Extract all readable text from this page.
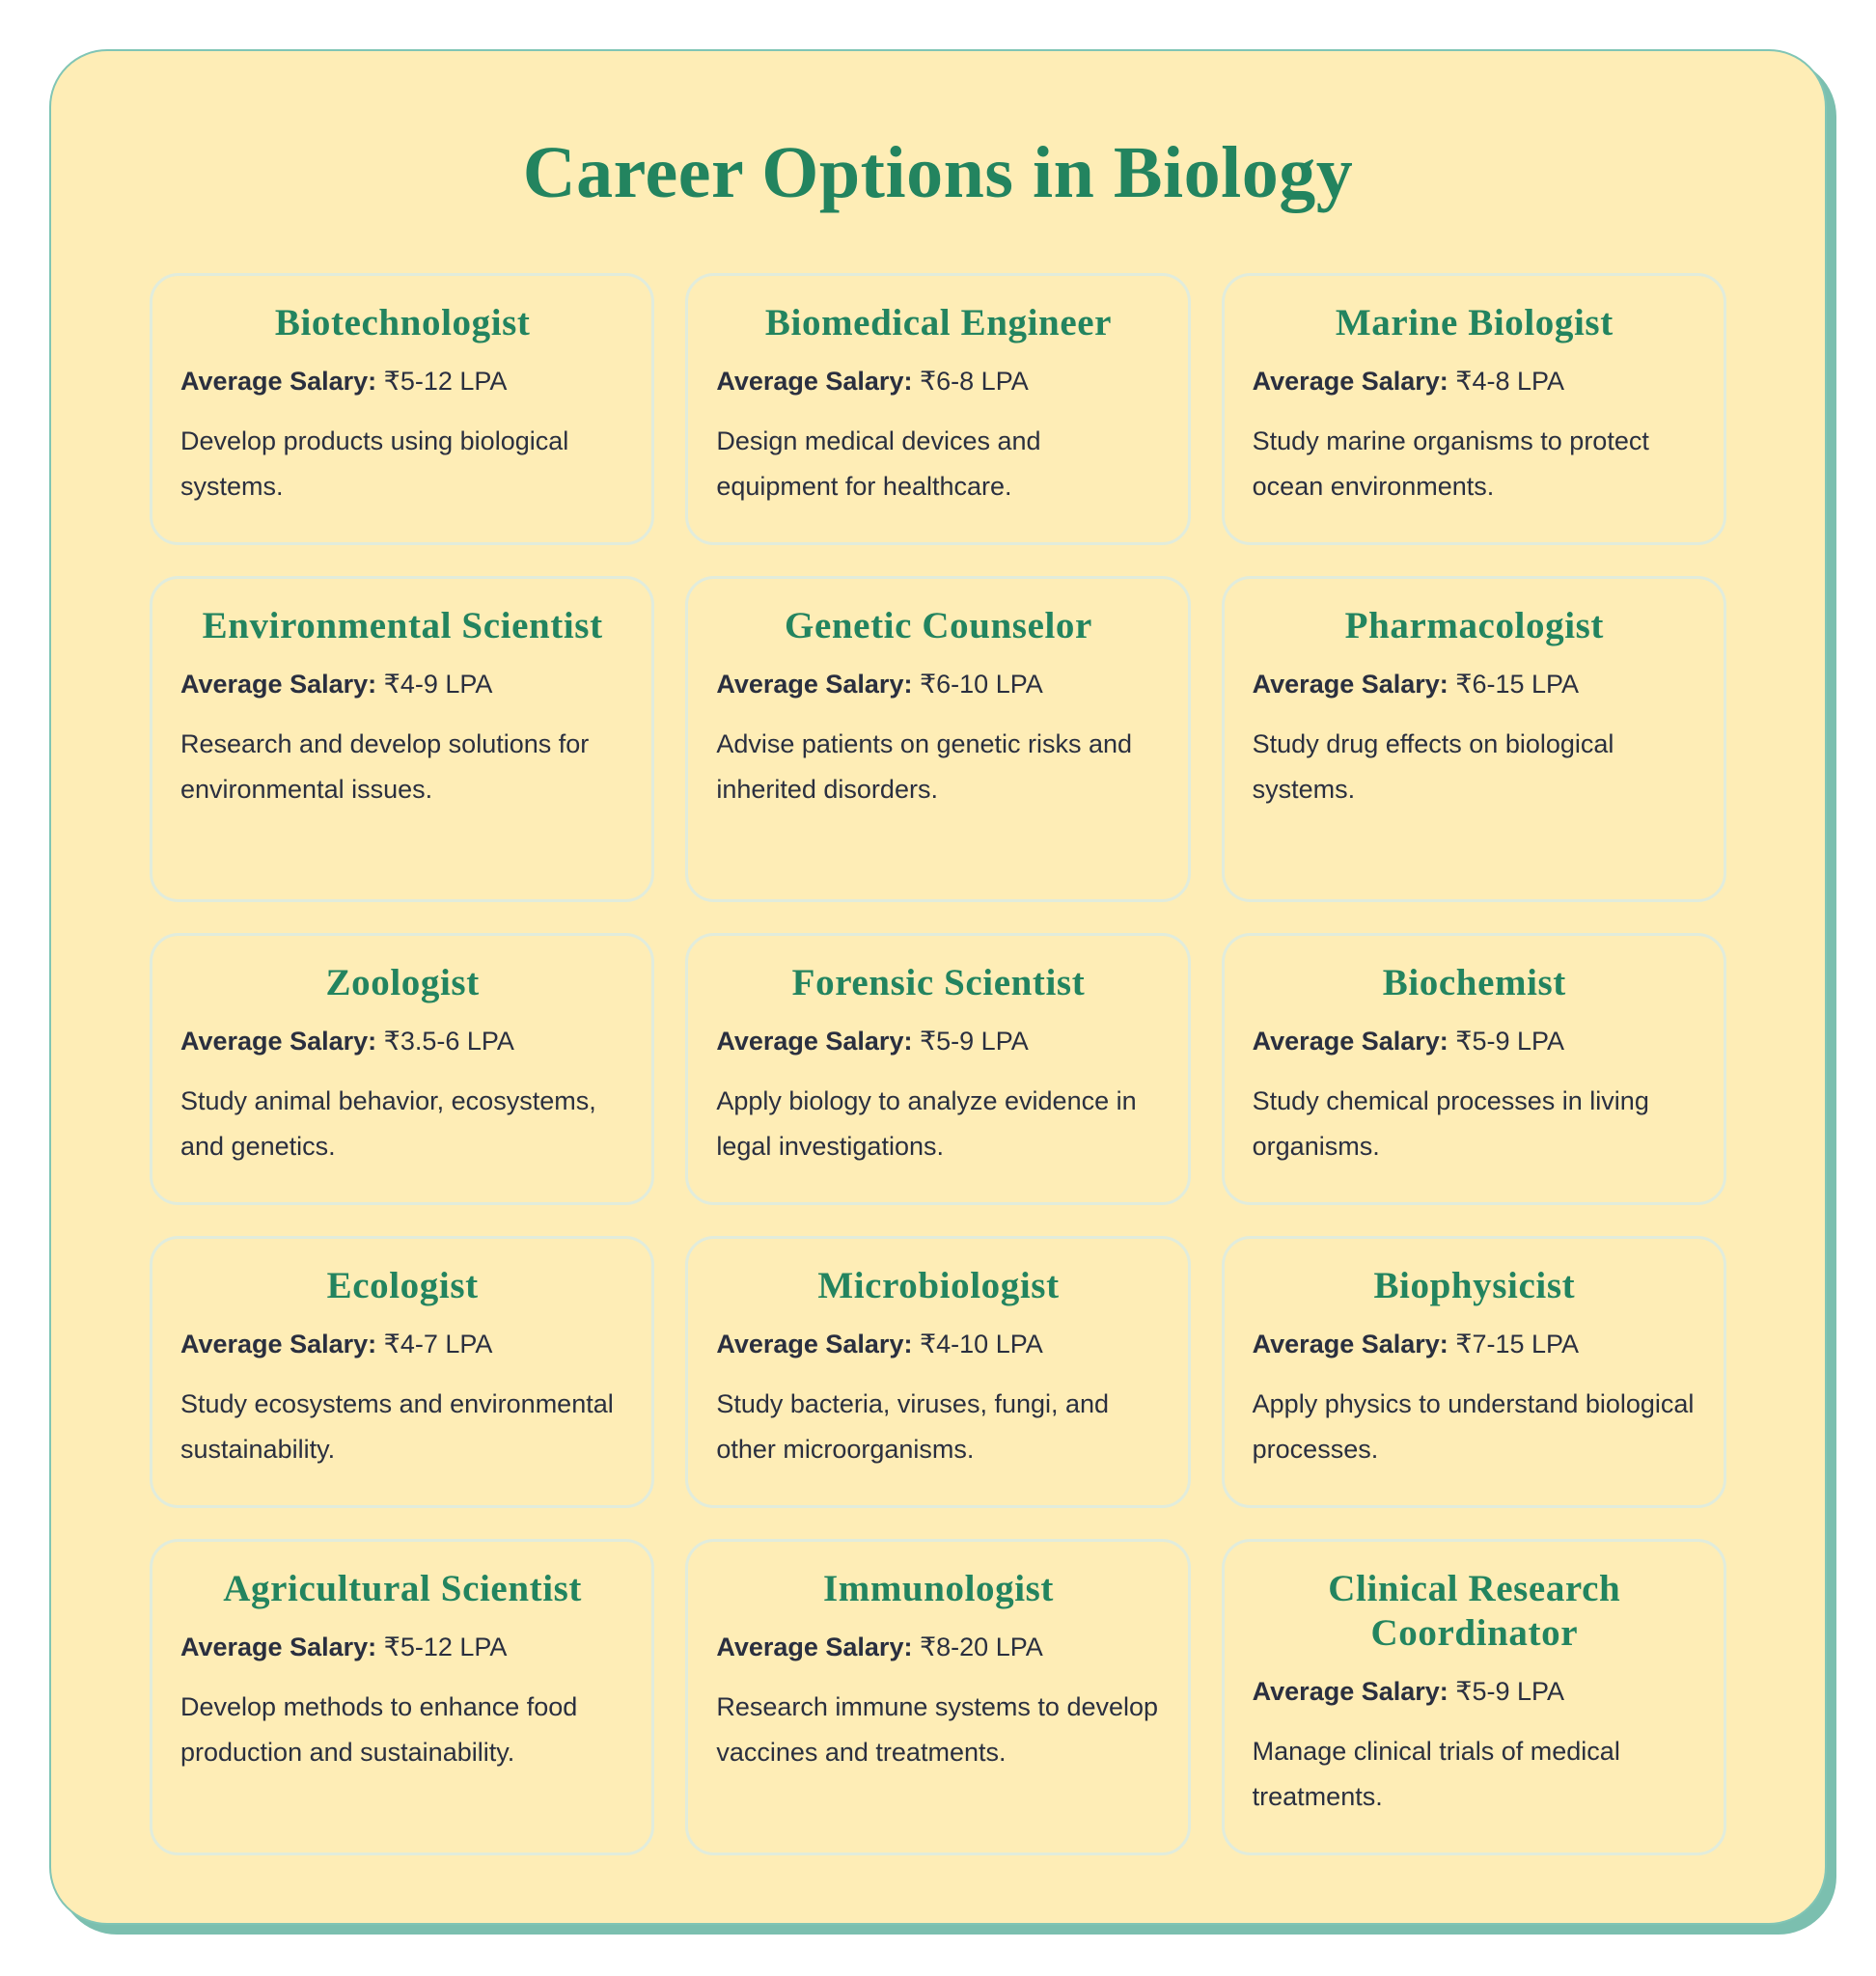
Career Options in Biology
Biotechnologist

Average Salary: ₹5-12 LPA

Develop products using biological systems.

Biomedical Engineer

Average Salary: ₹6-8 LPA

Design medical devices and equipment for healthcare.

Marine Biologist

Average Salary: ₹4-8 LPA

Study marine organisms to protect ocean environments.

Environmental Scientist

Average Salary: ₹4-9 LPA

Research and develop solutions for environmental issues.

Genetic Counselor

Average Salary: ₹6-10 LPA

Advise patients on genetic risks and inherited disorders.

Pharmacologist

Average Salary: ₹6-15 LPA

Study drug effects on biological systems.

Zoologist

Average Salary: ₹3.5-6 LPA

Study animal behavior, ecosystems, and genetics.

Forensic Scientist

Average Salary: ₹5-9 LPA

Apply biology to analyze evidence in legal investigations.

Biochemist

Average Salary: ₹5-9 LPA

Study chemical processes in living organisms.

Ecologist

Average Salary: ₹4-7 LPA

Study ecosystems and environmental sustainability.

Microbiologist

Average Salary: ₹4-10 LPA

Study bacteria, viruses, fungi, and other microorganisms.

Biophysicist

Average Salary: ₹7-15 LPA

Apply physics to understand biological processes.

Agricultural Scientist

Average Salary: ₹5-12 LPA

Develop methods to enhance food production and sustainability.

Immunologist

Average Salary: ₹8-20 LPA

Research immune systems to develop vaccines and treatments.

Clinical Research Coordinator

Average Salary: ₹5-9 LPA

Manage clinical trials of medical treatments.
